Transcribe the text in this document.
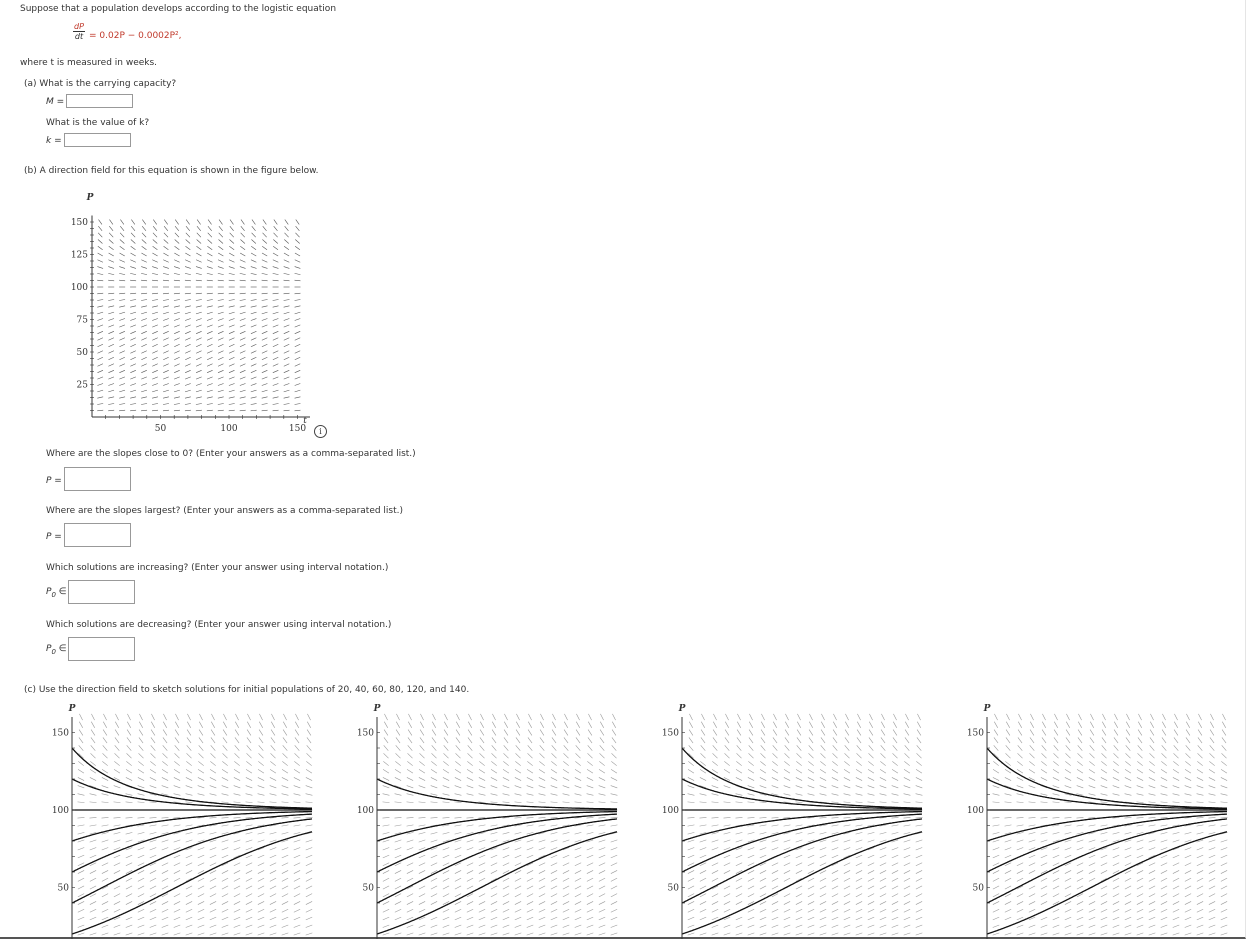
Suppose that a population develops according to the logistic equation
$\frac{dP}{dt} = 0.02P - 0.0002P^2$,
where t is measured in weeks.
(a) What is the carrying capacity?
M =
What is the value of k?
k =
(b) A direction field for this equation is shown in the figure below.
25
50
75
100
125
150
50	100	150
P
t
i
Where are the slopes close to 0? (Enter your answers as a comma-separated list.)
P =
Where are the slopes largest? (Enter your answers as a comma-separated list.)
P =
Which solutions are increasing? (Enter your answer using interval notation.)
$P_0$ ∈
Which solutions are decreasing? (Enter your answer using interval notation.)
$P_0$ ∈
(c) Use the direction field to sketch solutions for initial populations of 20, 40, 60, 80, 120, and 140.
50
100
150
P
50
100
150
P
50
100
150
P
50
100
150
P
